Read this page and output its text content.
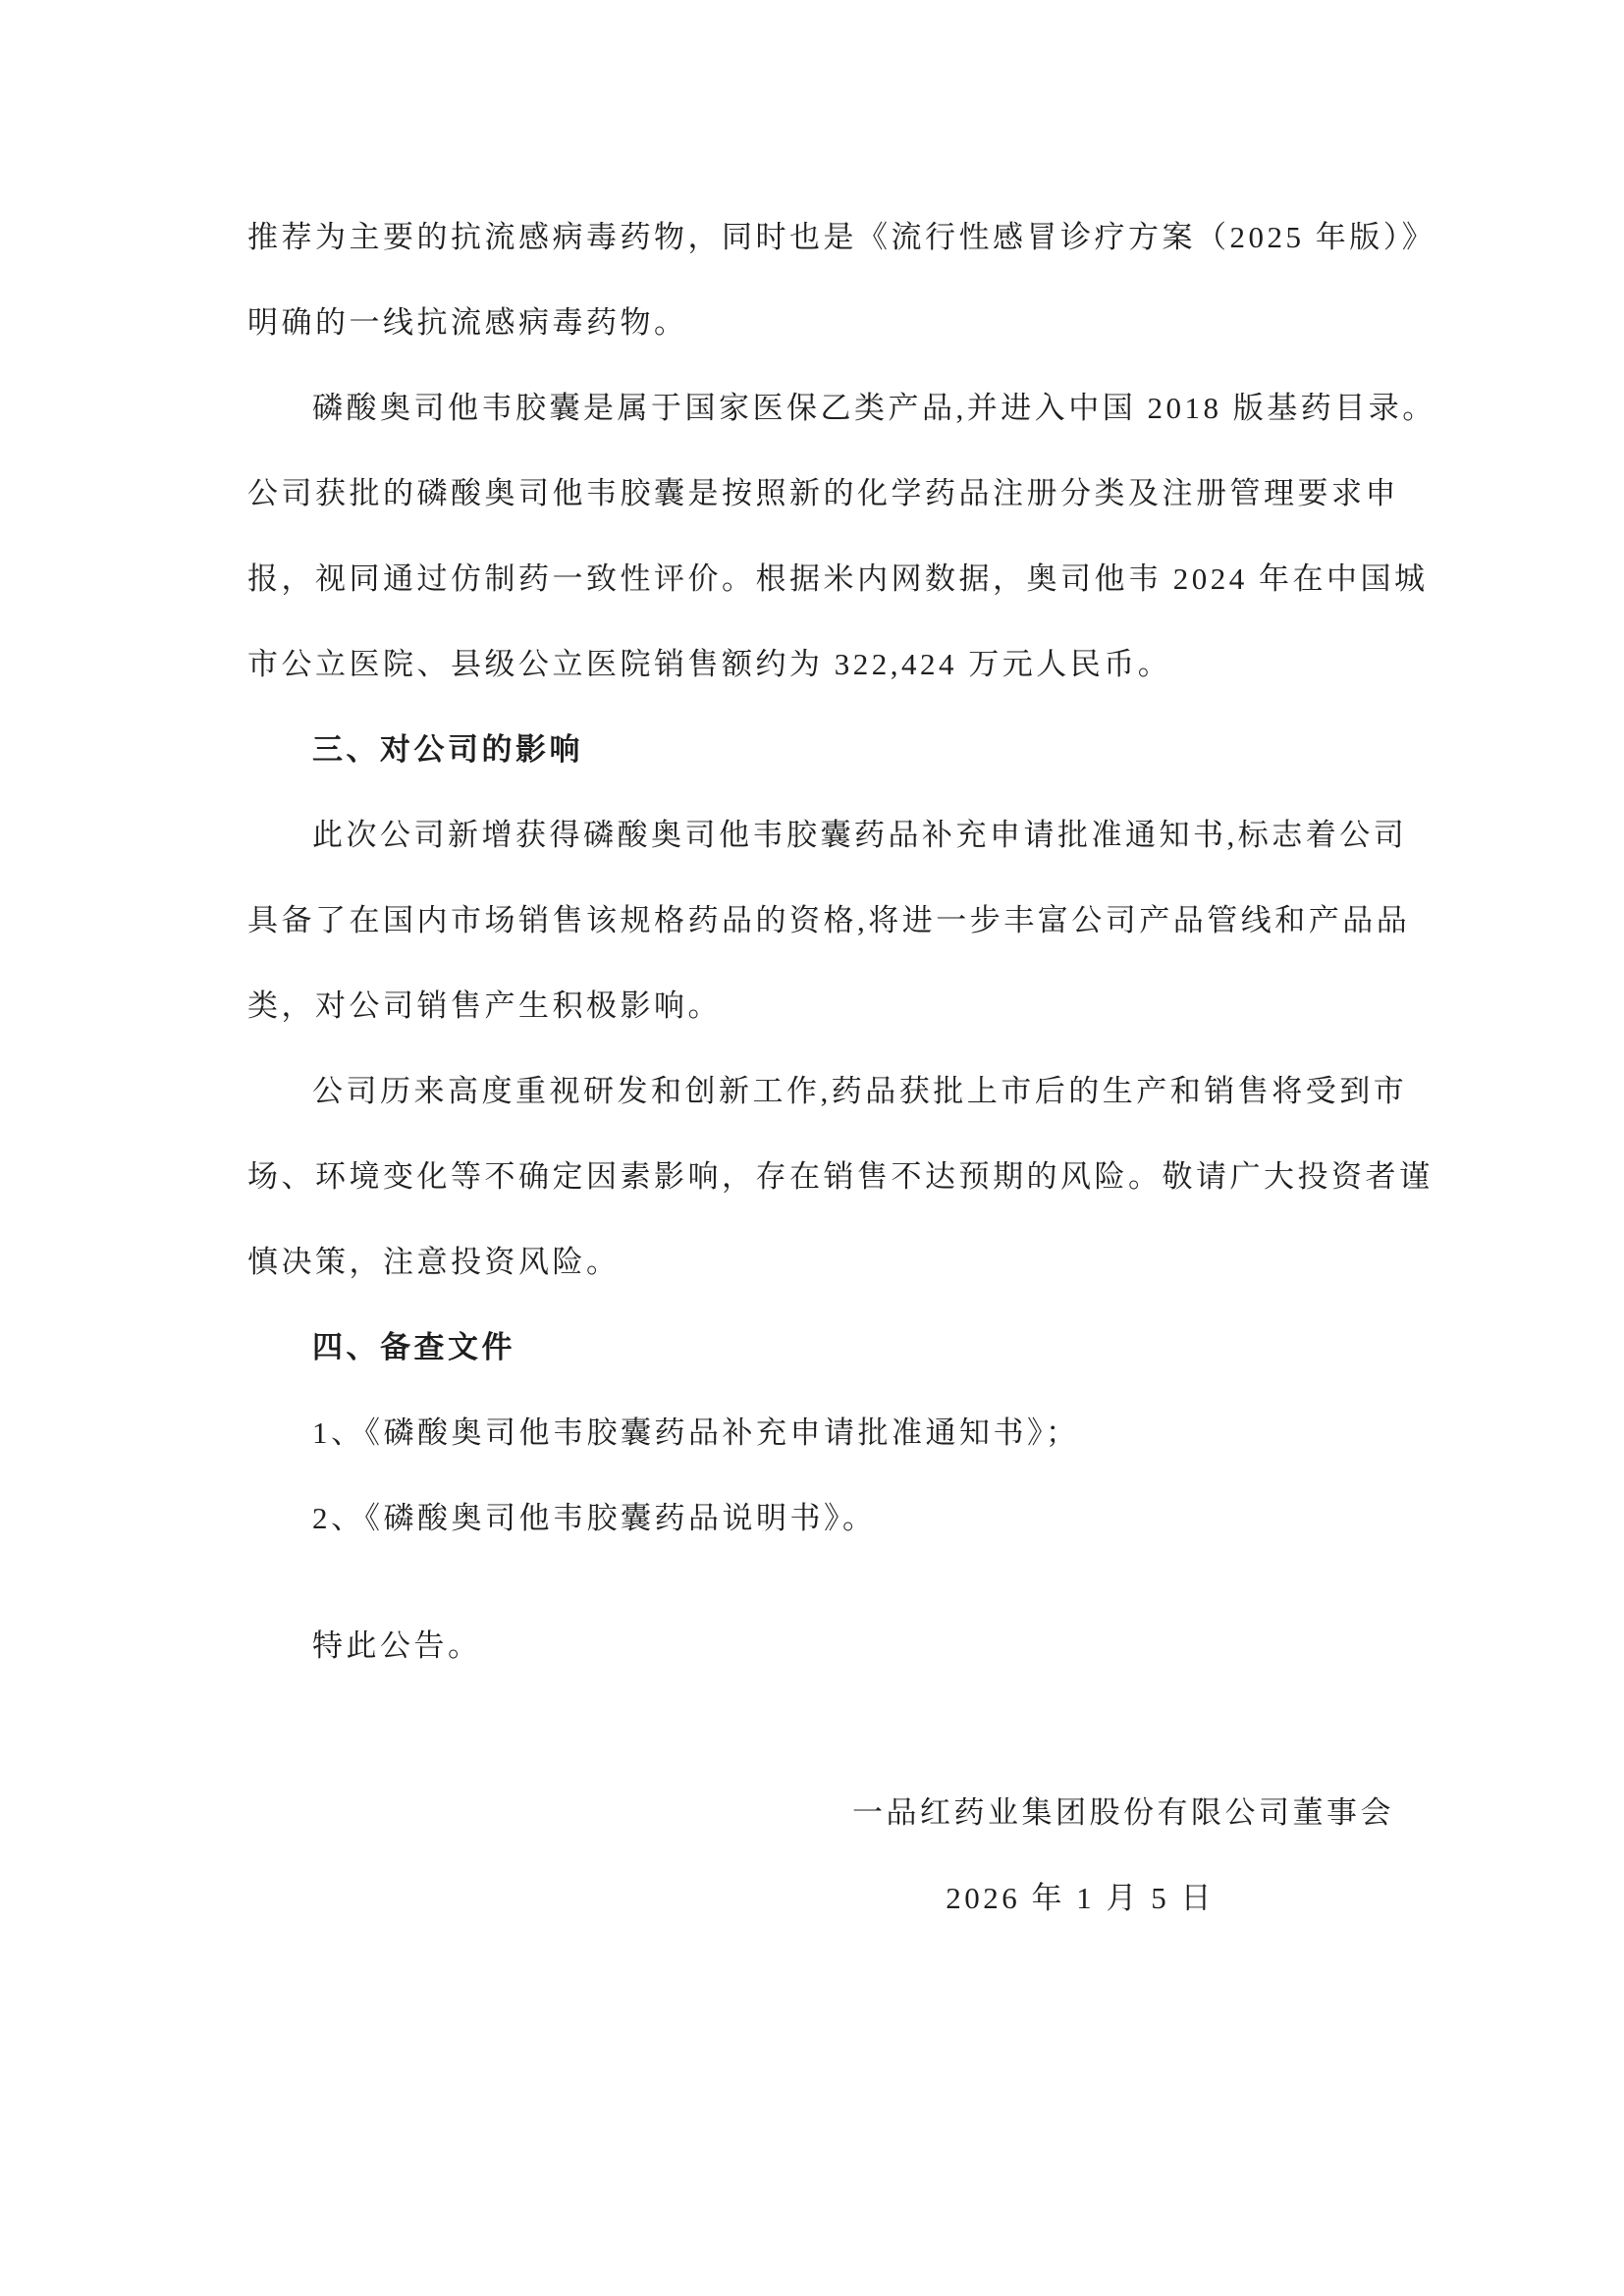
推荐为主要的抗流感病毒药物，同时也是《流行性感冒诊疗方案（2025 年版）》
明确的一线抗流感病毒药物。
磷酸奥司他韦胶囊是属于国家医保乙类产品,并进入中国 2018 版基药目录。
公司获批的磷酸奥司他韦胶囊是按照新的化学药品注册分类及注册管理要求申
报，视同通过仿制药一致性评价。根据米内网数据，奥司他韦 2024 年在中国城
市公立医院、县级公立医院销售额约为 322,424 万元人民币。
三、对公司的影响
此次公司新增获得磷酸奥司他韦胶囊药品补充申请批准通知书,标志着公司
具备了在国内市场销售该规格药品的资格,将进一步丰富公司产品管线和产品品
类，对公司销售产生积极影响。
公司历来高度重视研发和创新工作,药品获批上市后的生产和销售将受到市
场、环境变化等不确定因素影响，存在销售不达预期的风险。敬请广大投资者谨
慎决策，注意投资风险。
四、备查文件
1、《磷酸奥司他韦胶囊药品补充申请批准通知书》；
2、《磷酸奥司他韦胶囊药品说明书》。
特此公告。
一品红药业集团股份有限公司董事会
2026 年 1 月 5 日
